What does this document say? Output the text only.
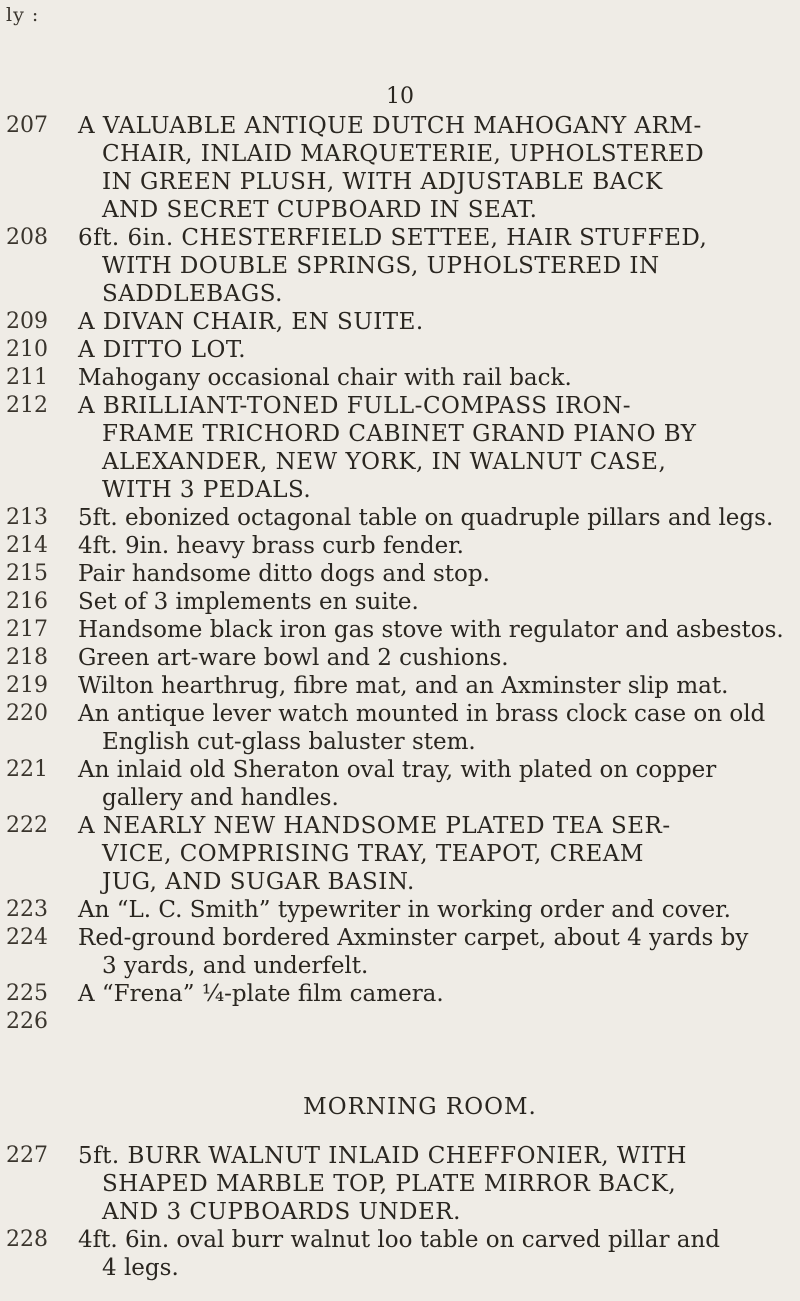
ly :
10
207 A VALUABLE ANTIQUE DUTCH MAHOGANY ARM-
CHAIR, INLAID MARQUETERIE, UPHOLSTERED
IN GREEN PLUSH, WITH ADJUSTABLE BACK
AND SECRET CUPBOARD IN SEAT.
208 6ft. 6in. CHESTERFIELD SETTEE, HAIR STUFFED,
WITH DOUBLE SPRINGS, UPHOLSTERED IN
SADDLEBAGS.
209 A DIVAN CHAIR, EN SUITE.
210 A DITTO LOT.
211 Mahogany occasional chair with rail back.
212 A BRILLIANT-TONED FULL-COMPASS IRON-
FRAME TRICHORD CABINET GRAND PIANO BY
ALEXANDER, NEW YORK, IN WALNUT CASE,
WITH 3 PEDALS.
213 5ft. ebonized octagonal table on quadruple pillars and legs.
214 4ft. 9in. heavy brass curb fender.
215 Pair handsome ditto dogs and stop.
216 Set of 3 implements en suite.
217 Handsome black iron gas stove with regulator and asbestos.
218 Green art-ware bowl and 2 cushions.
219 Wilton hearthrug, fibre mat, and an Axminster slip mat.
220 An antique lever watch mounted in brass clock case on old
English cut-glass baluster stem.
221 An inlaid old Sheraton oval tray, with plated on copper
gallery and handles.
222 A NEARLY NEW HANDSOME PLATED TEA SER-
VICE, COMPRISING TRAY, TEAPOT, CREAM
JUG, AND SUGAR BASIN.
223 An “L. C. Smith” typewriter in working order and cover.
224 Red-ground bordered Axminster carpet, about 4 yards by
3 yards, and underfelt.
225 A “Frena” ¼-plate film camera.
226

MORNING ROOM.
227 5ft. BURR WALNUT INLAID CHEFFONIER, WITH
SHAPED MARBLE TOP, PLATE MIRROR BACK,
AND 3 CUPBOARDS UNDER.
228 4ft. 6in. oval burr walnut loo table on carved pillar and
4 legs.
